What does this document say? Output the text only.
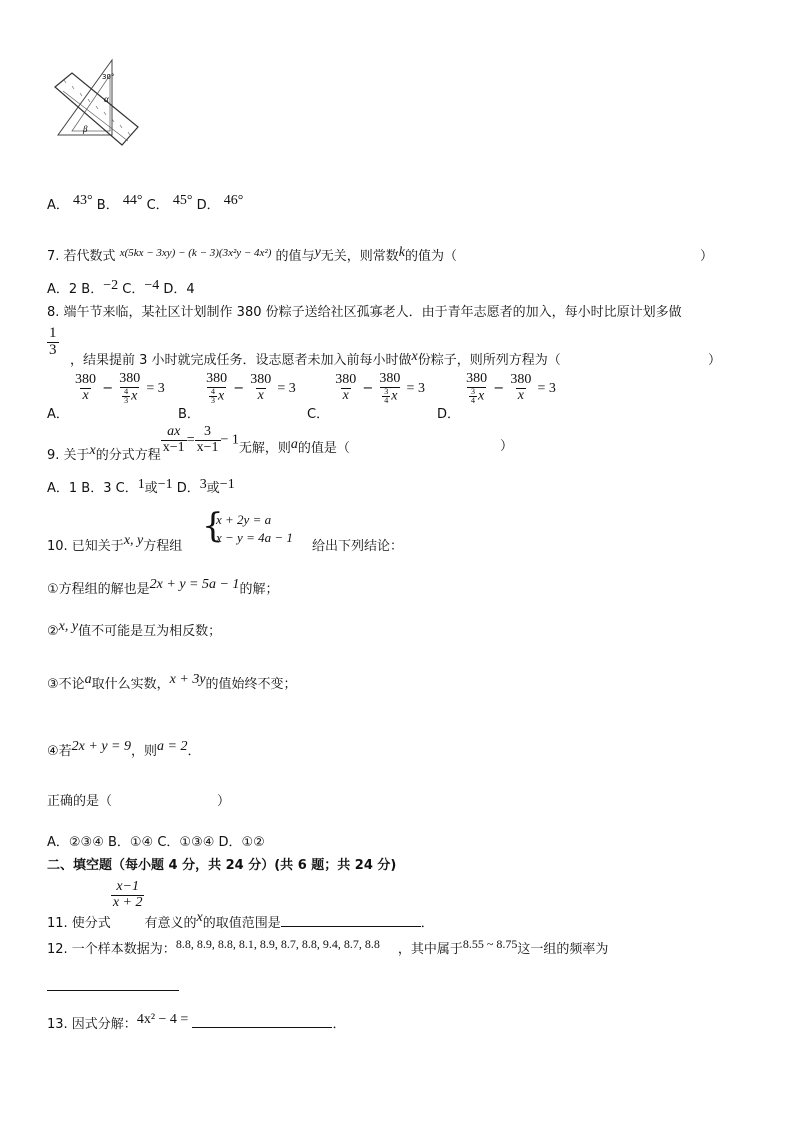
30°
α
β
A． 43° B． 44° C． 45° D． 46°
7. 若代数式 $^{x(5kx - 3xy) - (k - 3)(3x^2y - 4x^2)}$ 的值与y无关，则常数k的值为（	）
A．2 B．−2 C．−4 D．4
8. 端午节来临，某社区计划制作 380 份粽子送给社区孤寡老人．由于青年志愿者的加入，每小时比原计划多做
$\frac{1}{3}$
，结果提前 3 小时就完成任务．设志愿者未加入前每小时做x份粽子，则所列方程为（	）
A．
$\frac{380}{x} - \frac{380}{\frac{4}{3} x} = 3$
B．
$\frac{380}{\frac{4}{3} x} - \frac{380}{x} = 3$
C．
$\frac{380}{x} - \frac{380}{\frac{3}{4} x} = 3$
D．
$\frac{380}{\frac{3}{4} x} - \frac{380}{x} = 3$
9. 关于x的分式方程 $\frac{ax}{x-1} = \frac{3}{x-1} - 1$无解，则a的值是（	）
A．1 B．3 C．1或−1 D．3或−1
10. 已知关于x, y方程组
{
x + 2y = a
x − y = 4a − 1
给出下列结论：
①方程组的解也是2x + y = 5a − 1的解；
②x, y值不可能是互为相反数；
③不论a取什么实数，x + 3y的值始终不变；
④若2x + y = 9，则a = 2．
正确的是（	）
A．②③④ B．①④ C．①③④ D．①②
二、填空题（每小题 4 分，共 24 分）(共 6 题；共 24 分)
11. 使分式
$\frac{x-1}{x + 2}$
有意义的x的取值范围是	．
12. 一个样本数据为：8.8, 8.9, 8.8, 8.1, 8.9, 8.7, 8.8, 9.4, 8.7, 8.8 ，其中属于8.55 ~ 8.75这一组的频率为
13. 因式分解：4x² − 4 =	．
